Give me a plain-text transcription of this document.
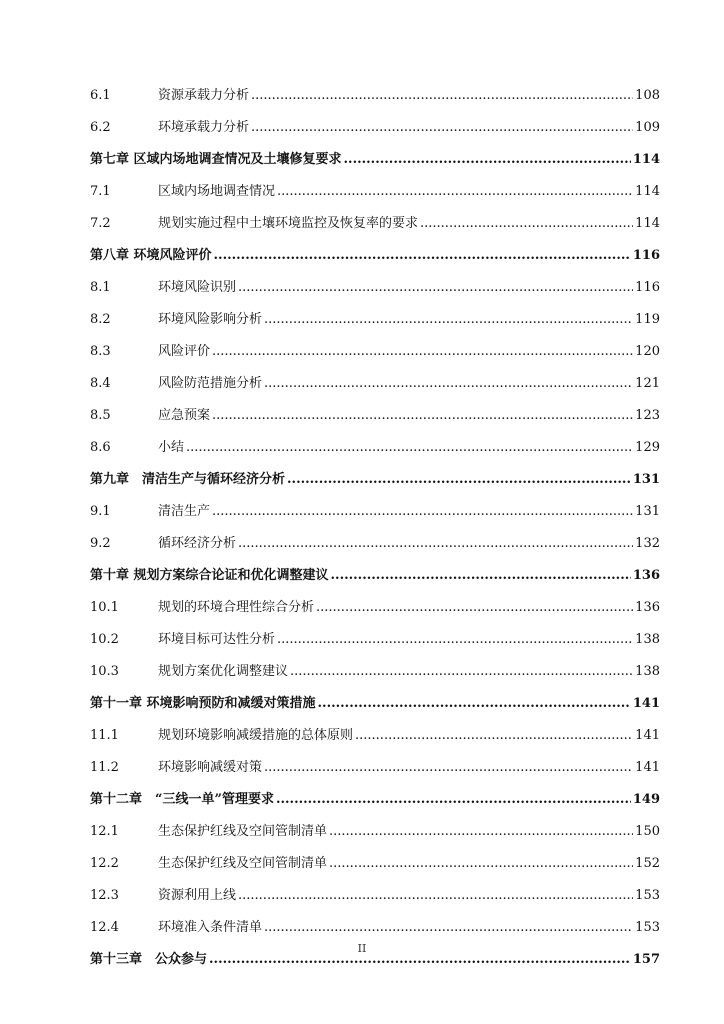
6.1	资源承载力分析 .....	108
6.2	环境承载力分析 .....	109
第七章 区域内场地调查情况及土壤修复要求 .....	114
7.1	区域内场地调查情况 .....	114
7.2	规划实施过程中土壤环境监控及恢复率的要求 .....	114
第八章 环境风险评价 .....	116
8.1	环境风险识别 .....	116
8.2	环境风险影响分析 .....	119
8.3	风险评价 .....	120
8.4	风险防范措施分析 .....	121
8.5	应急预案 .....	123
8.6	小结 .....	129
第九章　清洁生产与循环经济分析 .....	131
9.1	清洁生产 .....	131
9.2	循环经济分析 .....	132
第十章 规划方案综合论证和优化调整建议 .....	136
10.1	规划的环境合理性综合分析 .....	136
10.2	环境目标可达性分析 .....	138
10.3	规划方案优化调整建议 .....	138
第十一章 环境影响预防和减缓对策措施 .....	141
11.1	规划环境影响减缓措施的总体原则 .....	141
11.2	环境影响减缓对策 .....	141
第十二章　“三线一单”管理要求 .....	149
12.1	生态保护红线及空间管制清单 .....	150
12.2	生态保护红线及空间管制清单 .....	152
12.3	资源利用上线 .....	153
12.4	环境准入条件清单 .....	153
第十三章　公众参与 .....	157
II
